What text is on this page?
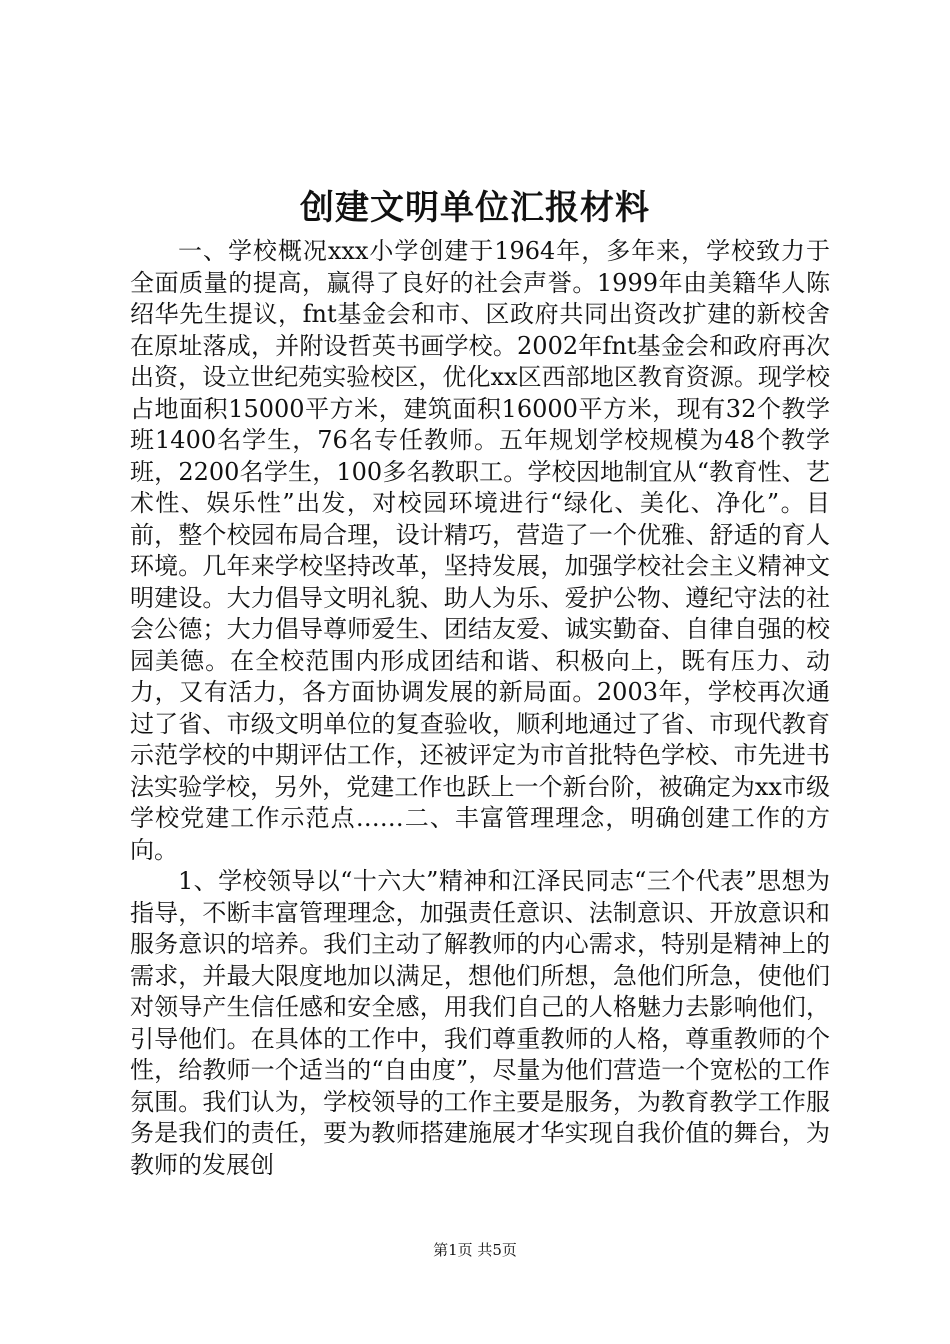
创建文明单位汇报材料

一、学校概况xxx小学创建于1964年，多年来，学校致力于全面质量的提高，赢得了良好的社会声誉。1999年由美籍华人陈绍华先生提议，fnt基金会和市、区政府共同出资改扩建的新校舍在原址落成，并附设哲英书画学校。2002年fnt基金会和政府再次出资，设立世纪苑实验校区，优化xx区西部地区教育资源。现学校占地面积15000平方米，建筑面积16000平方米，现有32个教学班1400名学生，76名专任教师。五年规划学校规模为48个教学班，2200名学生，100多名教职工。学校因地制宜从“教育性、艺术性、娱乐性”出发，对校园环境进行“绿化、美化、净化”。目前，整个校园布局合理，设计精巧，营造了一个优雅、舒适的育人环境。几年来学校坚持改革，坚持发展，加强学校社会主义精神文明建设。大力倡导文明礼貌、助人为乐、爱护公物、遵纪守法的社会公德；大力倡导尊师爱生、团结友爱、诚实勤奋、自律自强的校园美德。在全校范围内形成团结和谐、积极向上，既有压力、动力，又有活力，各方面协调发展的新局面。2003年，学校再次通过了省、市级文明单位的复查验收，顺利地通过了省、市现代教育示范学校的中期评估工作，还被评定为市首批特色学校、市先进书法实验学校，另外，党建工作也跃上一个新台阶，被确定为xx市级学校党建工作示范点……二、丰富管理理念，明确创建工作的方向。

1、学校领导以“十六大”精神和江泽民同志“三个代表”思想为指导，不断丰富管理理念，加强责任意识、法制意识、开放意识和服务意识的培养。我们主动了解教师的内心需求，特别是精神上的需求，并最大限度地加以满足，想他们所想，急他们所急，使他们对领导产生信任感和安全感，用我们自己的人格魅力去影响他们，引导他们。在具体的工作中，我们尊重教师的人格，尊重教师的个性，给教师一个适当的“自由度”，尽量为他们营造一个宽松的工作氛围。我们认为，学校领导的工作主要是服务，为教育教学工作服务是我们的责任，要为教师搭建施展才华实现自我价值的舞台，为教师的发展创

第1页 共5页
